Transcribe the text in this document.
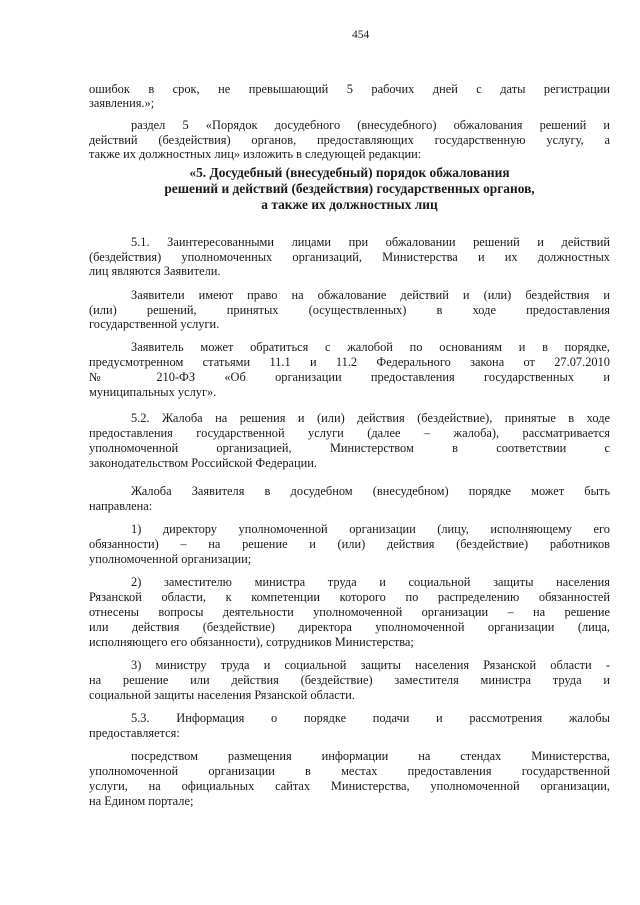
454
ошибок в срок, не превышающий 5 рабочих дней с даты регистрации
заявления.»;
раздел 5 «Порядок досудебного (внесудебного) обжалования решений и
действий (бездействия) органов, предоставляющих государственную услугу, а
также их должностных лиц» изложить в следующей редакции:
«5. Досудебный (внесудебный) порядок обжалования
решений и действий (бездействия) государственных органов,
а также их должностных лиц
5.1. Заинтересованными лицами при обжаловании решений и действий
(бездействия) уполномоченных организаций, Министерства и их должностных
лиц являются Заявители.
Заявители имеют право на обжалование действий и (или) бездействия и
(или) решений, принятых (осуществленных) в ходе предоставления
государственной услуги.
Заявитель может обратиться с жалобой по основаниям и в порядке,
предусмотренном статьями 11.1 и 11.2 Федерального закона от 27.07.2010
№ 210-ФЗ «Об организации предоставления государственных и
муниципальных услуг».
5.2. Жалоба на решения и (или) действия (бездействие), принятые в ходе
предоставления государственной услуги (далее – жалоба), рассматривается
уполномоченной организацией, Министерством в соответствии с
законодательством Российской Федерации.
Жалоба Заявителя в досудебном (внесудебном) порядке может быть
направлена:
1) директору уполномоченной организации (лицу, исполняющему его
обязанности) – на решение и (или) действия (бездействие) работников
уполномоченной организации;
2) заместителю министра труда и социальной защиты населения
Рязанской области, к компетенции которого по распределению обязанностей
отнесены вопросы деятельности уполномоченной организации – на решение
или действия (бездействие) директора уполномоченной организации (лица,
исполняющего его обязанности), сотрудников Министерства;
3) министру труда и социальной защиты населения Рязанской области -
на решение или действия (бездействие) заместителя министра труда и
социальной защиты населения Рязанской области.
5.3. Информация о порядке подачи и рассмотрения жалобы
предоставляется:
посредством размещения информации на стендах Министерства,
уполномоченной организации в местах предоставления государственной
услуги, на официальных сайтах Министерства, уполномоченной организации,
на Едином портале;
